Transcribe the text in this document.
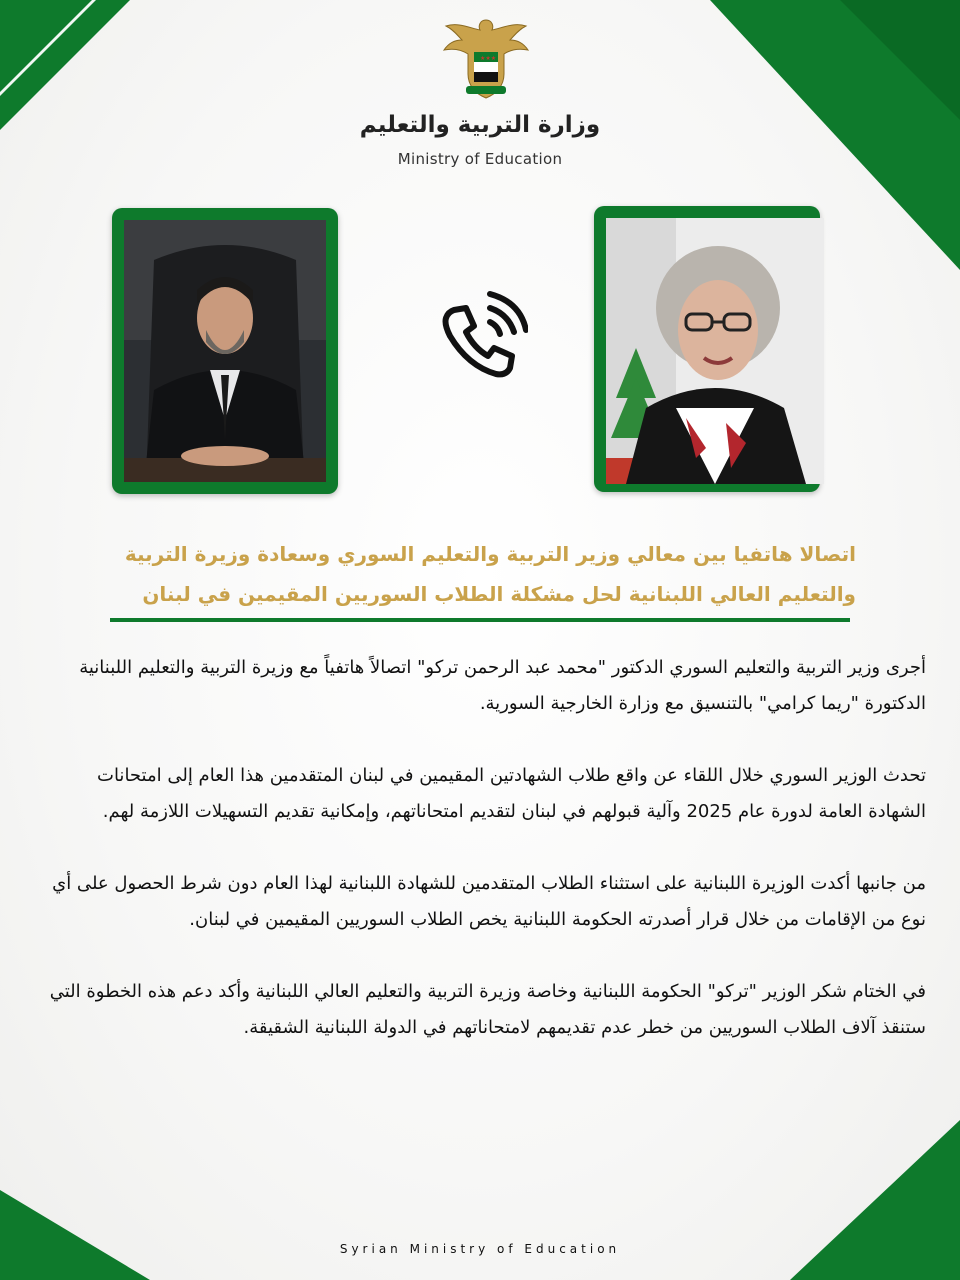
★★★
وزارة التربية والتعليم
Ministry of Education
اتصالا هاتفيا بين معالي وزير التربية والتعليم السوري وسعادة وزيرة التربية والتعليم العالي اللبنانية لحل مشكلة الطلاب السوريين المقيمين في لبنان

أجرى وزير التربية والتعليم السوري الدكتور "محمد عبد الرحمن تركو" اتصالاً هاتفياً مع وزيرة التربية والتعليم اللبنانية الدكتورة "ريما كرامي" بالتنسيق مع وزارة الخارجية السورية.

تحدث الوزير السوري خلال اللقاء عن واقع طلاب الشهادتين المقيمين في لبنان المتقدمين هذا العام إلى امتحانات الشهادة العامة لدورة عام 2025 وآلية قبولهم في لبنان لتقديم امتحاناتهم، وإمكانية تقديم التسهيلات اللازمة لهم.

من جانبها أكدت الوزيرة اللبنانية على استثناء الطلاب المتقدمين للشهادة اللبنانية لهذا العام دون شرط الحصول على أي نوع من الإقامات من خلال قرار أصدرته الحكومة اللبنانية يخص الطلاب السوريين المقيمين في لبنان.

في الختام شكر الوزير "تركو" الحكومة اللبنانية وخاصة وزيرة التربية والتعليم العالي اللبنانية وأكد دعم هذه الخطوة التي ستنقذ آلاف الطلاب السوريين من خطر عدم تقديمهم لامتحاناتهم في الدولة اللبنانية الشقيقة.

Syrian Ministry of Education
